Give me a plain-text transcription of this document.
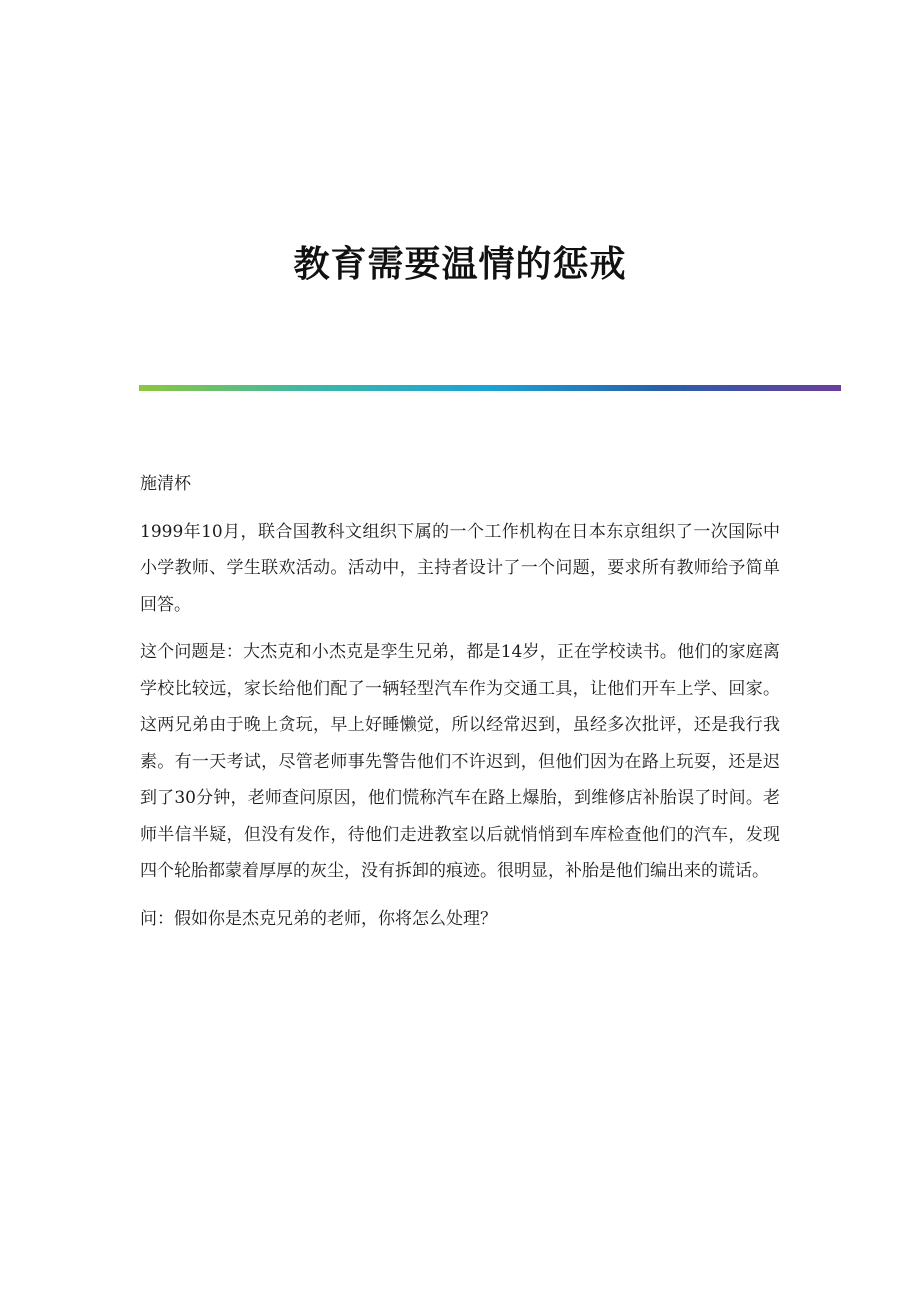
教育需要温情的惩戒

施清杯

1999年10月，联合国教科文组织下属的一个工作机构在日本东京组织了一次国际中小学教师、学生联欢活动。活动中，主持者设计了一个问题，要求所有教师给予简单回答。

这个问题是：大杰克和小杰克是孪生兄弟，都是14岁，正在学校读书。他们的家庭离学校比较远，家长给他们配了一辆轻型汽车作为交通工具，让他们开车上学、回家。这两兄弟由于晚上贪玩，早上好睡懒觉，所以经常迟到，虽经多次批评，还是我行我素。有一天考试，尽管老师事先警告他们不许迟到，但他们因为在路上玩耍，还是迟到了30分钟，老师查问原因，他们慌称汽车在路上爆胎，到维修店补胎误了时间。老师半信半疑，但没有发作，待他们走进教室以后就悄悄到车库检查他们的汽车，发现四个轮胎都蒙着厚厚的灰尘，没有拆卸的痕迹。很明显，补胎是他们编出来的谎话。

问：假如你是杰克兄弟的老师，你将怎么处理？
